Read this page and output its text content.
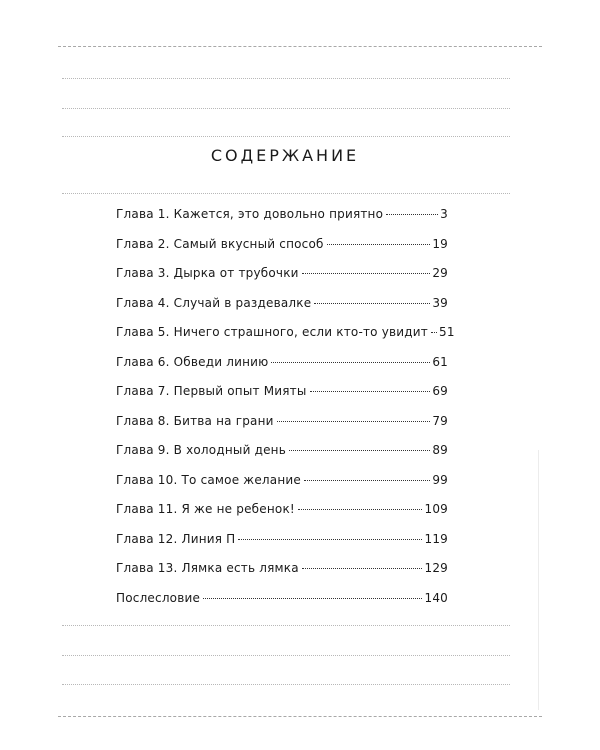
СОДЕРЖАНИЕ
Глава 1. Кажется, это довольно приятно	3
Глава 2. Самый вкусный способ	19
Глава 3. Дырка от трубочки	29
Глава 4. Случай в раздевалке	39
Глава 5. Ничего страшного, если кто-то увидит 51
Глава 6. Обведи линию	61
Глава 7. Первый опыт Мияты	69
Глава 8. Битва на грани	79
Глава 9. В холодный день	89
Глава 10. То самое желание	99
Глава 11. Я же не ребенок!	109
Глава 12. Линия П	119
Глава 13. Лямка есть лямка	129
Послесловие	140
